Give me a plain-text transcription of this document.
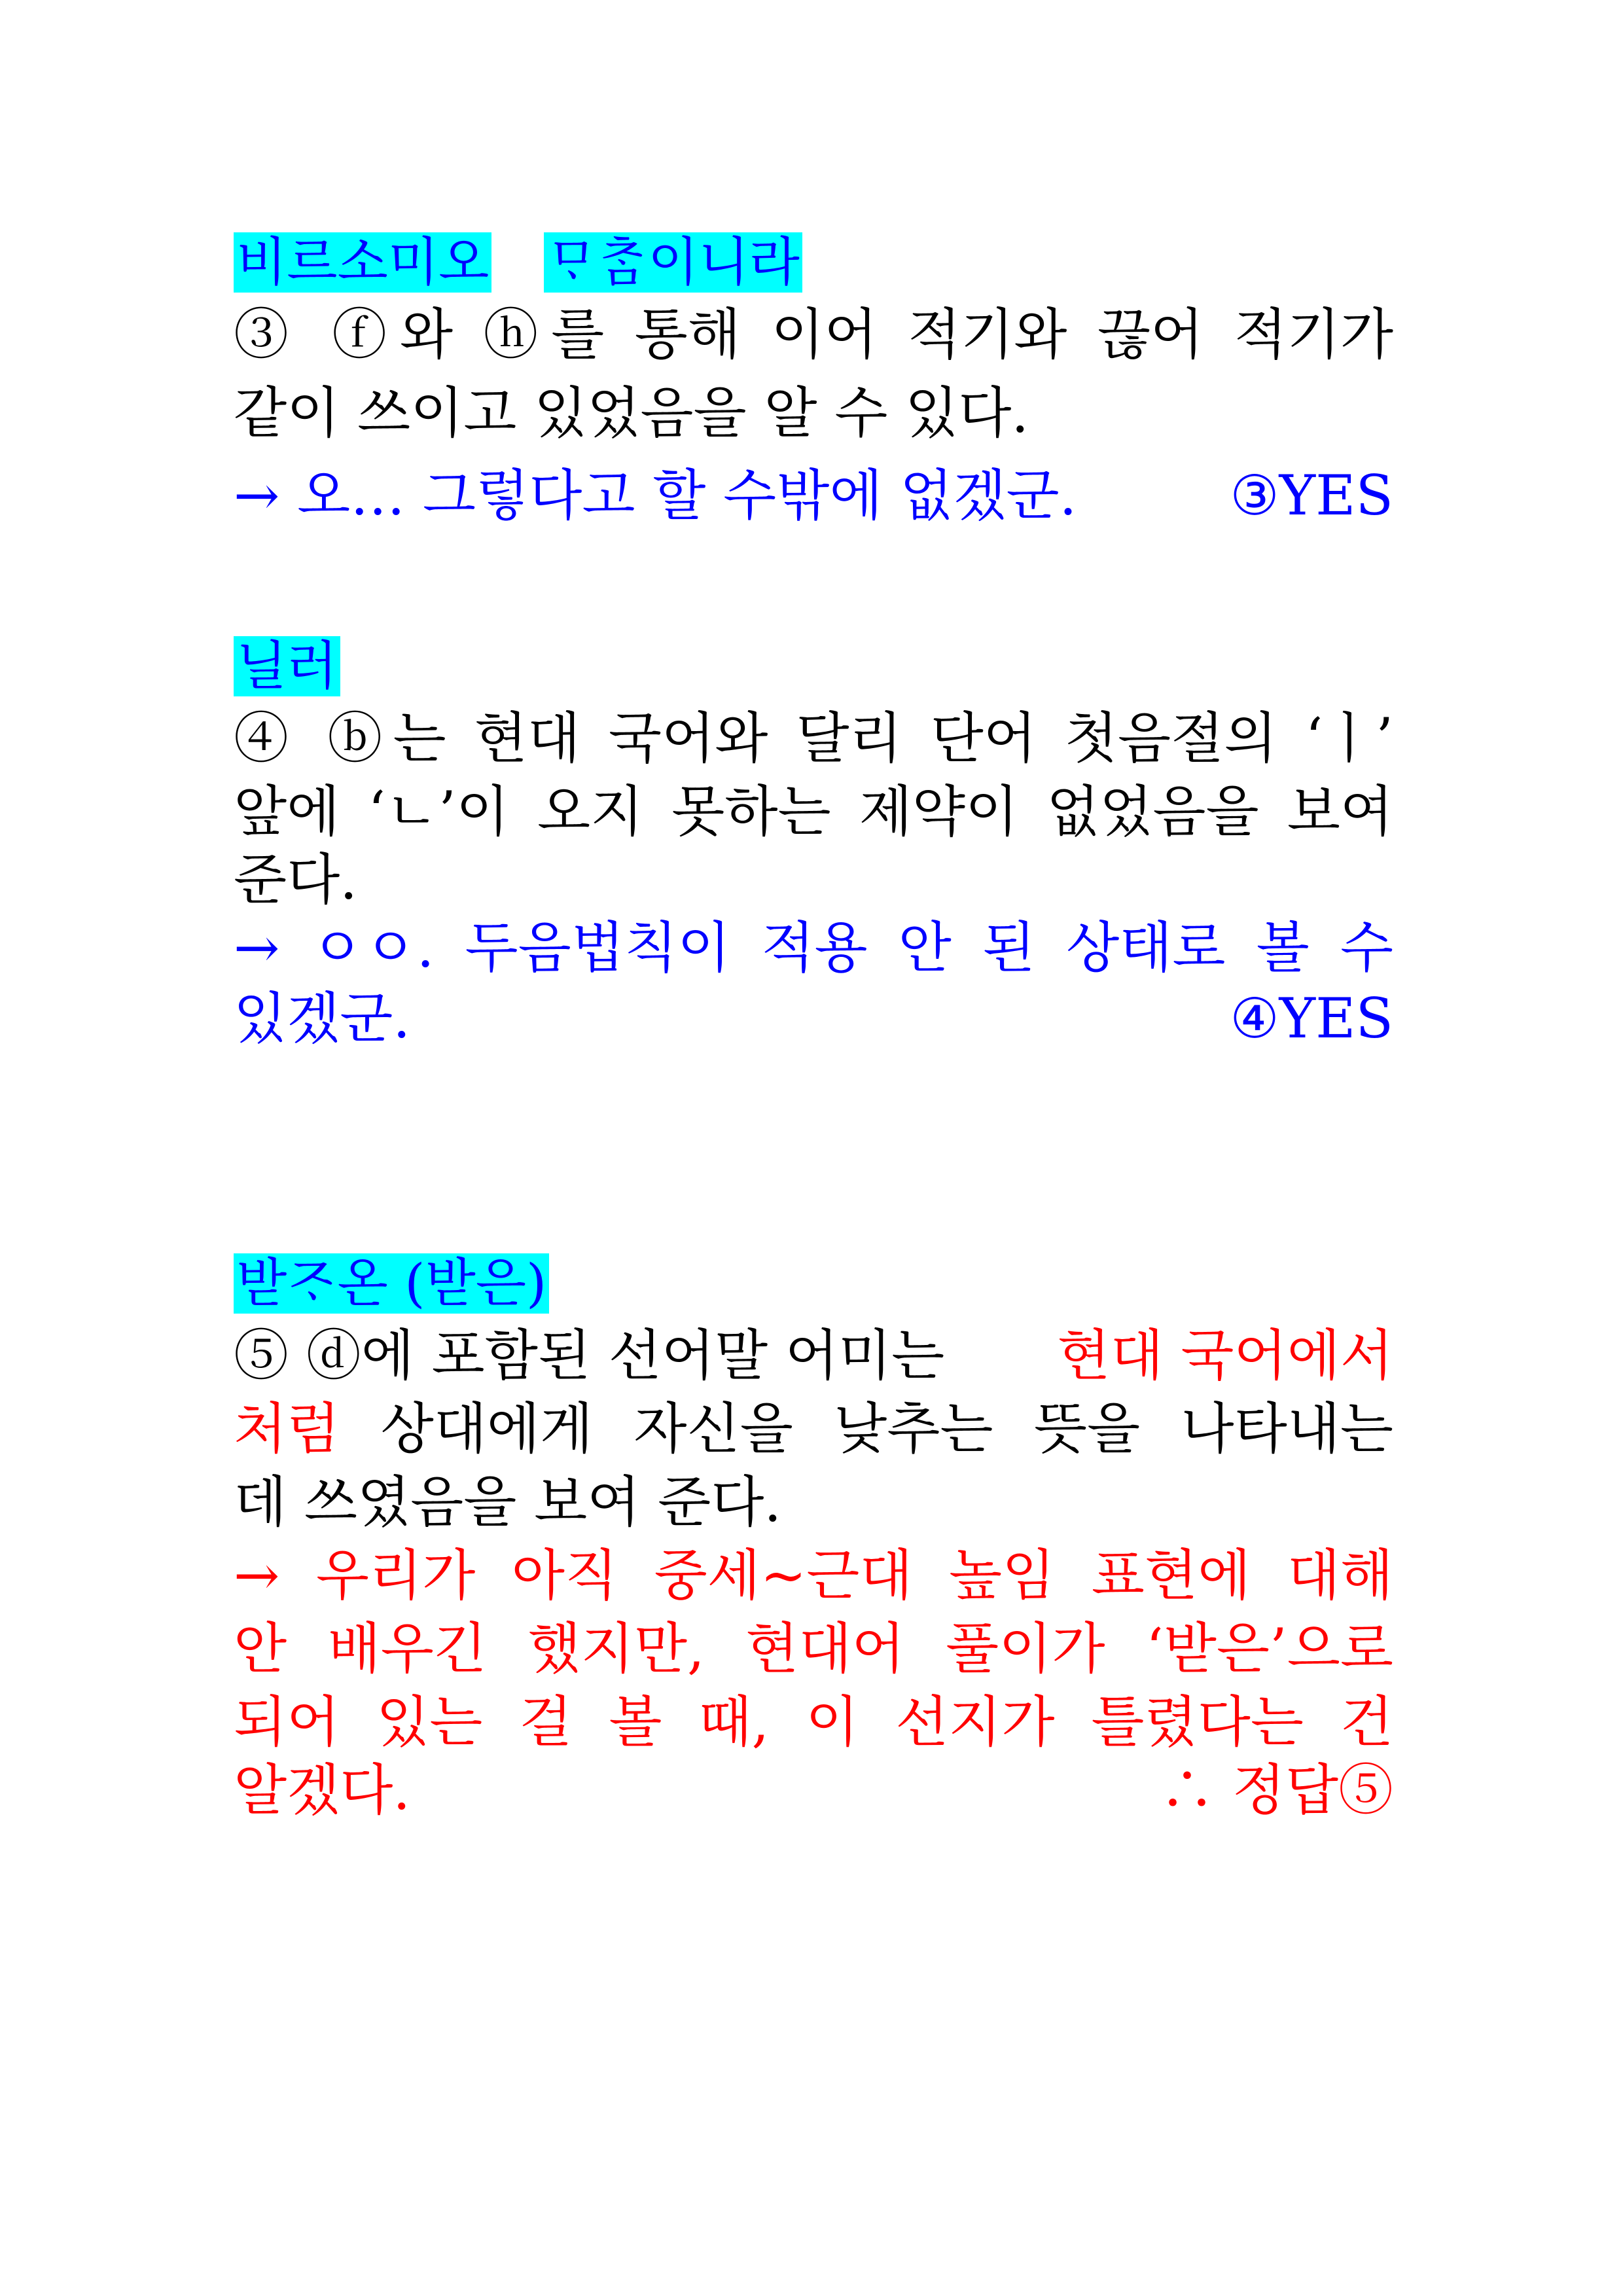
비르소미오 ᄆᆞᄎᆞᆷ이니라
③ ⓕ와 ⓗ를 통해 이어 적기와 끊어 적기가
같이 쓰이고 있었음을 알 수 있다.
→ 오… 그렇다고 할 수밖에 없겠군.	③YES
닐러
④ ⓑ는 현대 국어와 달리 단어 첫음절의 ‘ㅣ’
앞에 ‘ㄴ’이 오지 못하는 제약이 없었음을 보여
준다.
→ ㅇㅇ. 두음법칙이 적용 안 된 상태로 볼 수
있겠군.	④YES
받ᄌᆞ온 (받은)
⑤ ⓓ에 포함된 선어말 어미는 현대 국어에서
처럼 상대에게 자신을 낮추는 뜻을 나타내는
데 쓰였음을 보여 준다.
→ 우리가 아직 중세~근대 높임 표현에 대해
안 배우긴 했지만, 현대어 풀이가 ‘받은’으로
되어 있는 걸 볼 때, 이 선지가 틀렸다는 건
알겠다.	∴ 정답⑤
